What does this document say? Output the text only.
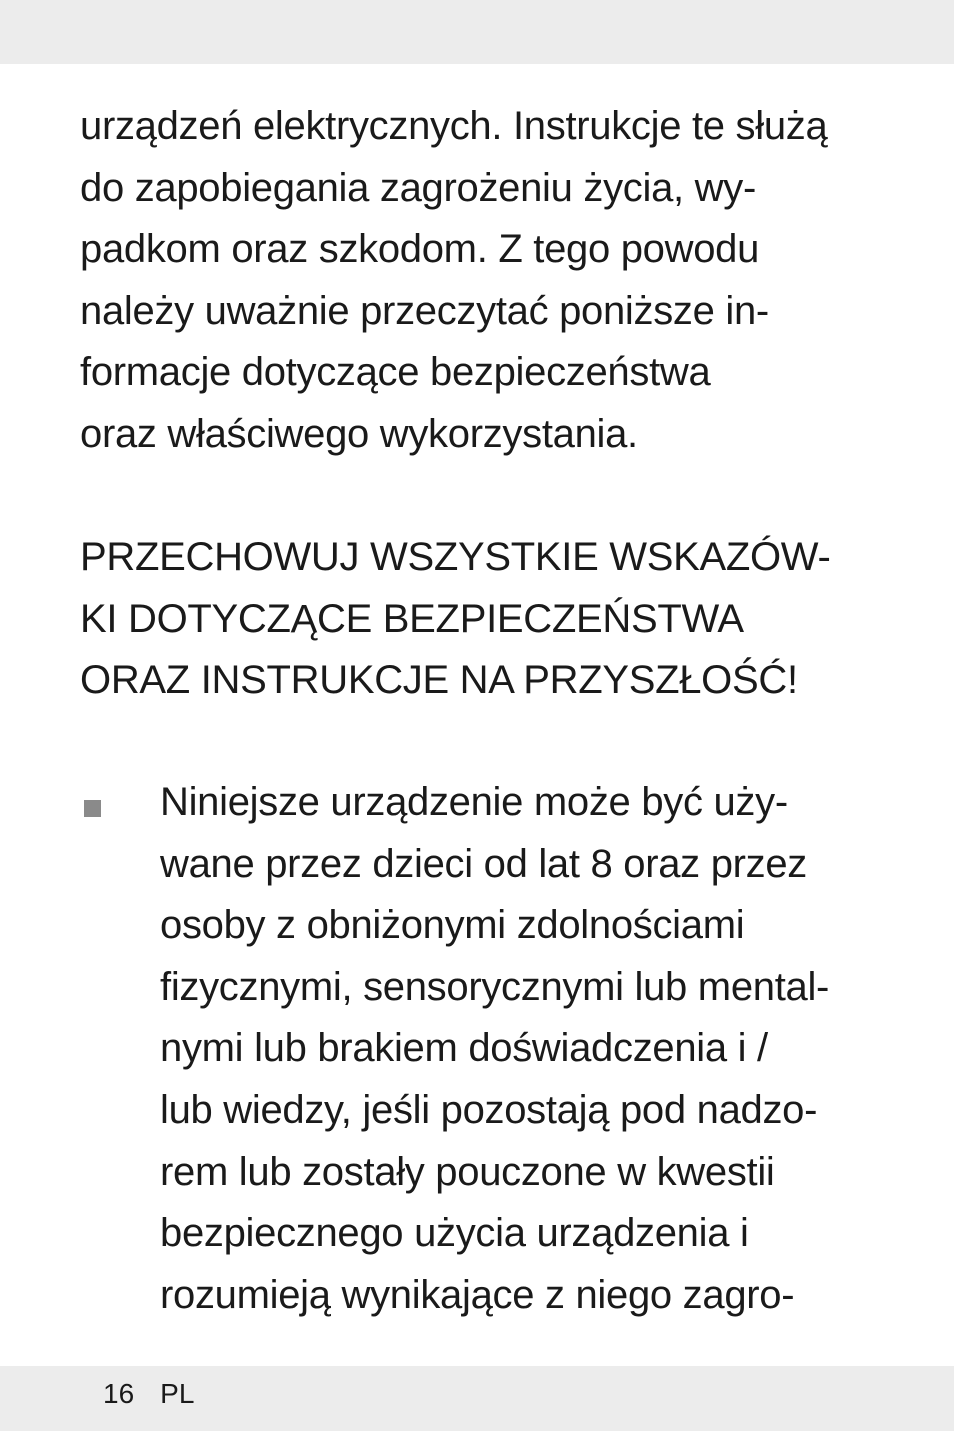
urządzeń elektrycznych. Instrukcje te służą
do zapobiegania zagrożeniu życia, wy-
padkom oraz szkodom. Z tego powodu
należy uważnie przeczytać poniższe in-
formacje dotyczące bezpieczeństwa
oraz właściwego wykorzystania.

PRZECHOWUJ WSZYSTKIE WSKAZÓW-
KI DOTYCZĄCE BEZPIECZEŃSTWA
ORAZ INSTRUKCJE NA PRZYSZŁOŚĆ!

Niniejsze urządzenie może być uży-
wane przez dzieci od lat 8 oraz przez
osoby z obniżonymi zdolnościami
fizycznymi, sensorycznymi lub mental-
nymi lub brakiem doświadczenia i /
lub wiedzy, jeśli pozostają pod nadzo-
rem lub zostały pouczone w kwestii
bezpiecznego użycia urządzenia i
rozumieją wynikające z niego zagro-

16 PL
